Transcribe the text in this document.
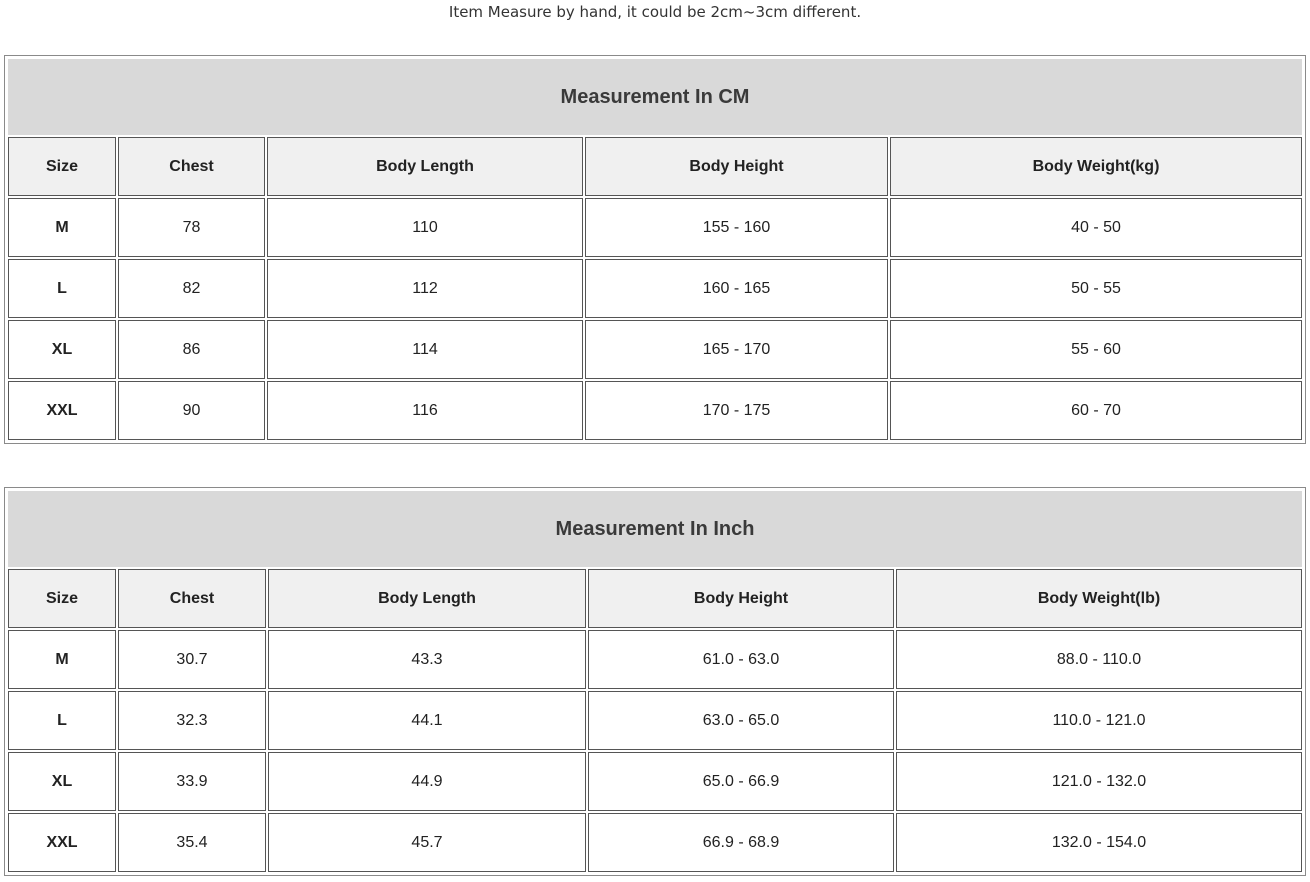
Item Measure by hand, it could be 2cm~3cm different.
Measurement In CM				
Size	Chest	Body Length	Body Height	Body Weight(kg)
M	78	110	155 - 160	40 - 50
L	82	112	160 - 165	50 - 55
XL	86	114	165 - 170	55 - 60
XXL	90	116	170 - 175	60 - 70
Measurement In Inch				
Size	Chest	Body Length	Body Height	Body Weight(lb)
M	30.7	43.3	61.0 - 63.0	88.0 - 110.0
L	32.3	44.1	63.0 - 65.0	110.0 - 121.0
XL	33.9	44.9	65.0 - 66.9	121.0 - 132.0
XXL	35.4	45.7	66.9 - 68.9	132.0 - 154.0
